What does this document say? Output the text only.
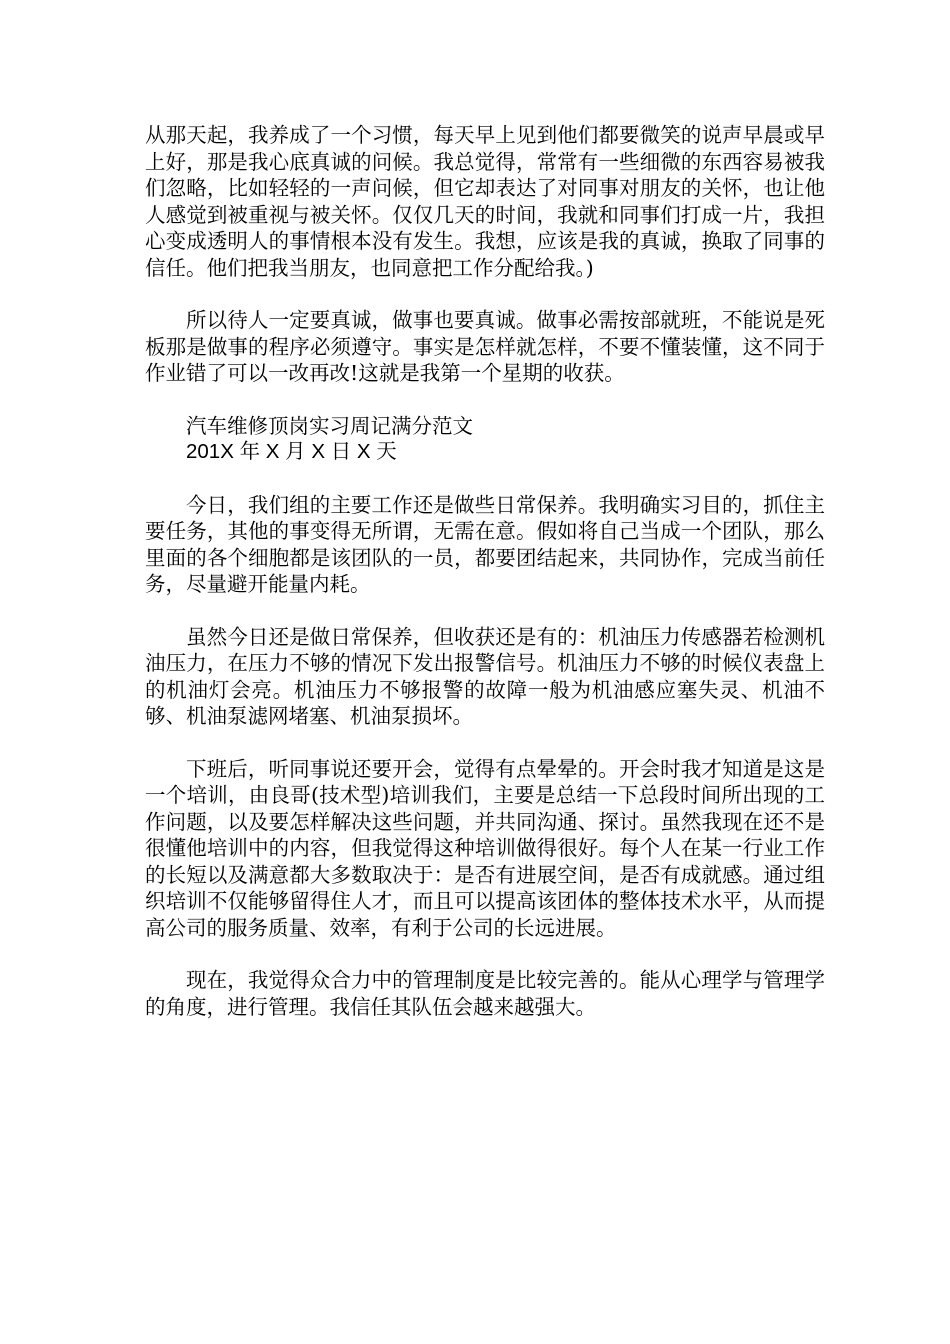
从那天起，我养成了一个习惯，每天早上见到他们都要微笑的说声早晨或早上好，那是我心底真诚的问候。我总觉得，常常有一些细微的东西容易被我们忽略，比如轻轻的一声问候，但它却表达了对同事对朋友的关怀，也让他人感觉到被重视与被关怀。仅仅几天的时间，我就和同事们打成一片，我担心变成透明人的事情根本没有发生。我想，应该是我的真诚，换取了同事的信任。他们把我当朋友，也同意把工作分配给我。)

所以待人一定要真诚，做事也要真诚。做事必需按部就班，不能说是死板那是做事的程序必须遵守。事实是怎样就怎样，不要不懂装懂，这不同于作业错了可以一改再改!这就是我第一个星期的收获。

汽车维修顶岗实习周记满分范文
201X 年 X 月 X 日 X 天

今日，我们组的主要工作还是做些日常保养。我明确实习目的，抓住主要任务，其他的事变得无所谓，无需在意。假如将自己当成一个团队，那么里面的各个细胞都是该团队的一员，都要团结起来，共同协作，完成当前任务，尽量避开能量内耗。

虽然今日还是做日常保养，但收获还是有的：机油压力传感器若检测机油压力，在压力不够的情况下发出报警信号。机油压力不够的时候仪表盘上的机油灯会亮。机油压力不够报警的故障一般为机油感应塞失灵、机油不够、机油泵滤网堵塞、机油泵损坏。

下班后，听同事说还要开会，觉得有点晕晕的。开会时我才知道是这是一个培训，由良哥(技术型)培训我们，主要是总结一下总段时间所出现的工作问题，以及要怎样解决这些问题，并共同沟通、探讨。虽然我现在还不是很懂他培训中的内容，但我觉得这种培训做得很好。每个人在某一行业工作的长短以及满意都大多数取决于：是否有进展空间，是否有成就感。通过组织培训不仅能够留得住人才，而且可以提高该团体的整体技术水平，从而提高公司的服务质量、效率，有利于公司的长远进展。

现在，我觉得众合力中的管理制度是比较完善的。能从心理学与管理学的角度，进行管理。我信任其队伍会越来越强大。
